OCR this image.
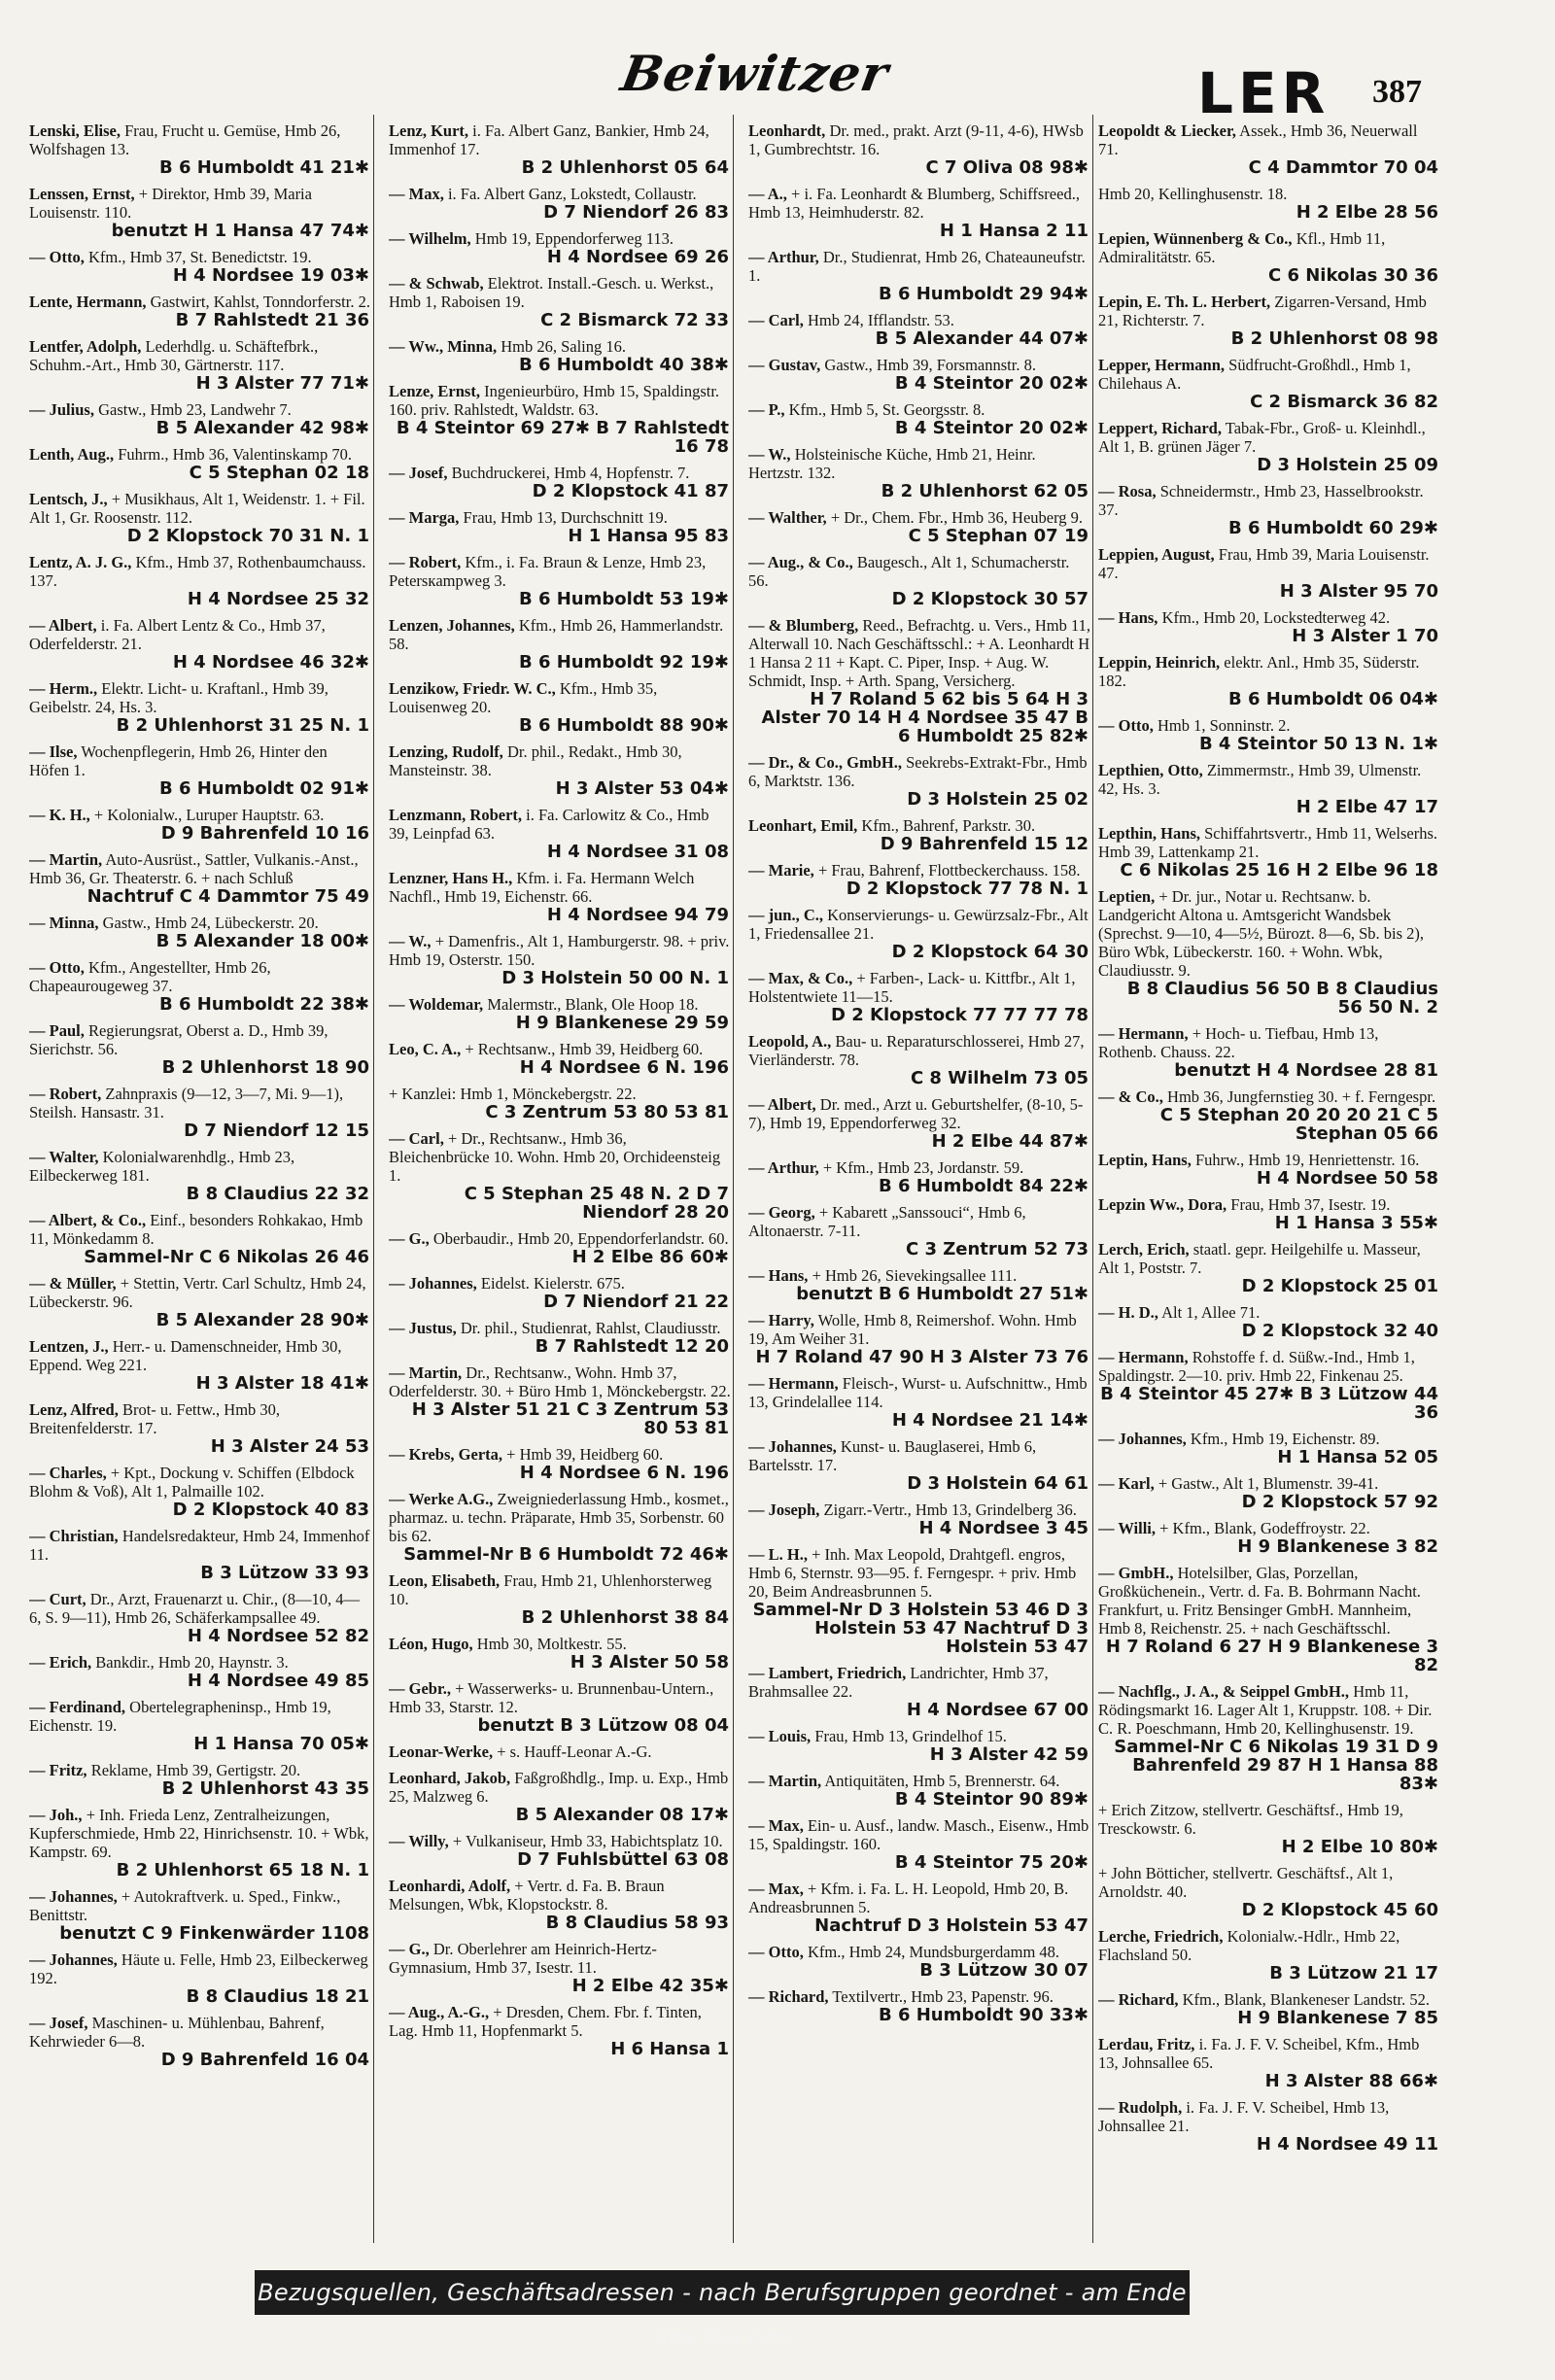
Beiwitzer	LER 387
Lenski, Elise, Frau, Frucht u. Gemüse, Hmb 26, Wolfshagen 13.
B 6 Humboldt 41 21✱
Lenssen, Ernst, + Direktor, Hmb 39, Maria Louisenstr. 110.
benutzt H 1 Hansa 47 74✱
— Otto, Kfm., Hmb 37, St. Benedictstr. 19.
H 4 Nordsee 19 03✱
Lente, Hermann, Gastwirt, Kahlst, Tonndorferstr. 2.
B 7 Rahlstedt 21 36
Lentfer, Adolph, Lederhdlg. u. Schäftefbrk., Schuhm.-Art., Hmb 30, Gärtnerstr. 117.
H 3 Alster 77 71✱
— Julius, Gastw., Hmb 23, Landwehr 7.
B 5 Alexander 42 98✱
Lenth, Aug., Fuhrm., Hmb 36, Valentinskamp 70.
C 5 Stephan 02 18
Lentsch, J., + Musikhaus, Alt 1, Weidenstr. 1. + Fil. Alt 1, Gr. Roosenstr. 112.
D 2 Klopstock 70 31 N. 1
Lentz, A. J. G., Kfm., Hmb 37, Rothenbaumchauss. 137.
H 4 Nordsee 25 32
— Albert, i. Fa. Albert Lentz & Co., Hmb 37, Oderfelderstr. 21.
H 4 Nordsee 46 32✱
— Herm., Elektr. Licht- u. Kraftanl., Hmb 39, Geibelstr. 24, Hs. 3.
B 2 Uhlenhorst 31 25 N. 1
— Ilse, Wochenpflegerin, Hmb 26, Hinter den Höfen 1.
B 6 Humboldt 02 91✱
— K. H., + Kolonialw., Luruper Hauptstr. 63.
D 9 Bahrenfeld 10 16
— Martin, Auto-Ausrüst., Sattler, Vulkanis.-Anst., Hmb 36, Gr. Theaterstr. 6. + nach Schluß
Nachtruf C 4 Dammtor 75 49
— Minna, Gastw., Hmb 24, Lübeckerstr. 20.
B 5 Alexander 18 00✱
— Otto, Kfm., Angestellter, Hmb 26, Chapeaurougeweg 37.
B 6 Humboldt 22 38✱
— Paul, Regierungsrat, Oberst a. D., Hmb 39, Sierichstr. 56.
B 2 Uhlenhorst 18 90
— Robert, Zahnpraxis (9—12, 3—7, Mi. 9—1), Steilsh. Hansastr. 31.
D 7 Niendorf 12 15
— Walter, Kolonialwarenhdlg., Hmb 23, Eilbeckerweg 181.
B 8 Claudius 22 32
— Albert, & Co., Einf., besonders Rohkakao, Hmb 11, Mönkedamm 8.
Sammel-Nr C 6 Nikolas 26 46
— & Müller, + Stettin, Vertr. Carl Schultz, Hmb 24, Lübeckerstr. 96.
B 5 Alexander 28 90✱
Lentzen, J., Herr.- u. Damenschneider, Hmb 30, Eppend. Weg 221.
H 3 Alster 18 41✱
Lenz, Alfred, Brot- u. Fettw., Hmb 30, Breitenfelderstr. 17.
H 3 Alster 24 53
— Charles, + Kpt., Dockung v. Schiffen (Elbdock Blohm & Voß), Alt 1, Palmaille 102.
D 2 Klopstock 40 83
— Christian, Handelsredakteur, Hmb 24, Immenhof 11.
B 3 Lützow 33 93
— Curt, Dr., Arzt, Frauenarzt u. Chir., (8—10, 4—6, S. 9—11), Hmb 26, Schäferkampsallee 49.
H 4 Nordsee 52 82
— Erich, Bankdir., Hmb 20, Haynstr. 3.
H 4 Nordsee 49 85
— Ferdinand, Obertelegrapheninsp., Hmb 19, Eichenstr. 19.
H 1 Hansa 70 05✱
— Fritz, Reklame, Hmb 39, Gertigstr. 20.
B 2 Uhlenhorst 43 35
— Joh., + Inh. Frieda Lenz, Zentralheizungen, Kupferschmiede, Hmb 22, Hinrichsenstr. 10. + Wbk, Kampstr. 69.
B 2 Uhlenhorst 65 18 N. 1
— Johannes, + Autokraftverk. u. Sped., Finkw., Benittstr.
benutzt C 9 Finkenwärder 1108
— Johannes, Häute u. Felle, Hmb 23, Eilbeckerweg 192.
B 8 Claudius 18 21
— Josef, Maschinen- u. Mühlenbau, Bahrenf, Kehrwieder 6—8.
D 9 Bahrenfeld 16 04
Lenz, Kurt, i. Fa. Albert Ganz, Bankier, Hmb 24, Immenhof 17.
B 2 Uhlenhorst 05 64
— Max, i. Fa. Albert Ganz, Lokstedt, Collaustr.
D 7 Niendorf 26 83
— Wilhelm, Hmb 19, Eppendorferweg 113.
H 4 Nordsee 69 26
— & Schwab, Elektrot. Install.-Gesch. u. Werkst., Hmb 1, Raboisen 19.
C 2 Bismarck 72 33
— Ww., Minna, Hmb 26, Saling 16.
B 6 Humboldt 40 38✱
Lenze, Ernst, Ingenieurbüro, Hmb 15, Spaldingstr. 160. priv. Rahlstedt, Waldstr. 63.
B 4 Steintor 69 27✱ B 7 Rahlstedt 16 78
— Josef, Buchdruckerei, Hmb 4, Hopfenstr. 7.
D 2 Klopstock 41 87
— Marga, Frau, Hmb 13, Durchschnitt 19.
H 1 Hansa 95 83
— Robert, Kfm., i. Fa. Braun & Lenze, Hmb 23, Petersкampweg 3.
B 6 Humboldt 53 19✱
Lenzen, Johannes, Kfm., Hmb 26, Hammerlandstr. 58.
B 6 Humboldt 92 19✱
Lenzikow, Friedr. W. C., Kfm., Hmb 35, Louisenweg 20.
B 6 Humboldt 88 90✱
Lenzing, Rudolf, Dr. phil., Redakt., Hmb 30, Mansteinstr. 38.
H 3 Alster 53 04✱
Lenzmann, Robert, i. Fa. Carlowitz & Co., Hmb 39, Leinpfad 63.
H 4 Nordsee 31 08
Lenzner, Hans H., Kfm. i. Fa. Hermann Welch Nachfl., Hmb 19, Eichenstr. 66.
H 4 Nordsee 94 79
— W., + Damenfris., Alt 1, Hamburgerstr. 98. + priv. Hmb 19, Osterstr. 150.
D 3 Holstein 50 00 N. 1
— Woldemar, Malermstr., Blank, Ole Hoop 18.
H 9 Blankenese 29 59
Leo, C. A., + Rechtsanw., Hmb 39, Heidberg 60.
H 4 Nordsee 6 N. 196
+ Kanzlei: Hmb 1, Mönckebergstr. 22.
C 3 Zentrum 53 80 53 81
— Carl, + Dr., Rechtsanw., Hmb 36, Bleichenbrücke 10. Wohn. Hmb 20, Orchideensteig 1.
C 5 Stephan 25 48 N. 2 D 7 Niendorf 28 20
— G., Oberbaudir., Hmb 20, Eppendorferlandstr. 60.
H 2 Elbe 86 60✱
— Johannes, Eidelst. Kielerstr. 675.
D 7 Niendorf 21 22
— Justus, Dr. phil., Studienrat, Rahlst, Claudiusstr.
B 7 Rahlstedt 12 20
— Martin, Dr., Rechtsanw., Wohn. Hmb 37, Oderfelderstr. 30. + Büro Hmb 1, Mönckebergstr. 22.
H 3 Alster 51 21 C 3 Zentrum 53 80 53 81
— Krebs, Gerta, + Hmb 39, Heidberg 60.
H 4 Nordsee 6 N. 196
— Werke A.G., Zweigniederlassung Hmb., kosmet., pharmaz. u. techn. Präparate, Hmb 35, Sorbenstr. 60 bis 62.
Sammel-Nr B 6 Humboldt 72 46✱
Leon, Elisabeth, Frau, Hmb 21, Uhlenhorsterweg 10.
B 2 Uhlenhorst 38 84
Léon, Hugo, Hmb 30, Moltkestr. 55.
H 3 Alster 50 58
— Gebr., + Wasserwerks- u. Brunnenbau-Untern., Hmb 33, Starstr. 12.
benutzt B 3 Lützow 08 04
Leonar-Werke, + s. Hauff-Leonar A.-G.
Leonhard, Jakob, Faßgroßhdlg., Imp. u. Exp., Hmb 25, Malzweg 6.
B 5 Alexander 08 17✱
— Willy, + Vulkaniseur, Hmb 33, Habichtsplatz 10.
D 7 Fuhlsbüttel 63 08
Leonhardi, Adolf, + Vertr. d. Fa. B. Braun Melsungen, Wbk, Klopstockstr. 8.
B 8 Claudius 58 93
— G., Dr. Oberlehrer am Heinrich-Hertz-Gymnasium, Hmb 37, Isestr. 11.
H 2 Elbe 42 35✱
— Aug., A.-G., + Dresden, Chem. Fbr. f. Tinten, Lag. Hmb 11, Hopfenmarkt 5.
H 6 Hansa 1
Leonhardt, Dr. med., prakt. Arzt (9-11, 4-6), HWsb 1, Gumbrechtstr. 16.
C 7 Oliva 08 98✱
— A., + i. Fa. Leonhardt & Blumberg, Schiffsreed., Hmb 13, Heimhuderstr. 82.
H 1 Hansa 2 11
— Arthur, Dr., Studienrat, Hmb 26, Chateauneufstr. 1.
B 6 Humboldt 29 94✱
— Carl, Hmb 24, Ifflandstr. 53.
B 5 Alexander 44 07✱
— Gustav, Gastw., Hmb 39, Forsmannstr. 8.
B 4 Steintor 20 02✱
— P., Kfm., Hmb 5, St. Georgsstr. 8.
B 4 Steintor 20 02✱
— W., Holsteinische Küche, Hmb 21, Heinr. Hertzstr. 132.
B 2 Uhlenhorst 62 05
— Walther, + Dr., Chem. Fbr., Hmb 36, Heuberg 9.
C 5 Stephan 07 19
— Aug., & Co., Baugesch., Alt 1, Schumacherstr. 56.
D 2 Klopstock 30 57
— & Blumberg, Reed., Befrachtg. u. Vers., Hmb 11, Alterwall 10. Nach Geschäftsschl.: + A. Leonhardt H 1 Hansa 2 11 + Kapt. C. Piper, Insp. + Aug. W. Schmidt, Insp. + Arth. Spang, Versicherg.
H 7 Roland 5 62 bis 5 64 H 3 Alster 70 14 H 4 Nordsee 35 47 B 6 Humboldt 25 82✱
— Dr., & Co., GmbH., Seekrebs-Extrakt-Fbr., Hmb 6, Marktstr. 136.
D 3 Holstein 25 02
Leonhart, Emil, Kfm., Bahrenf, Parkstr. 30.
D 9 Bahrenfeld 15 12
— Marie, + Frau, Bahrenf, Flottbeckerchauss. 158.
D 2 Klopstock 77 78 N. 1
— jun., C., Konservierungs- u. Gewürzsalz-Fbr., Alt 1, Friedensallee 21.
D 2 Klopstock 64 30
— Max, & Co., + Farben-, Lack- u. Kittfbr., Alt 1, Holstentwiete 11—15.
D 2 Klopstock 77 77 77 78
Leopold, A., Bau- u. Reparaturschlosserei, Hmb 27, Vierländerstr. 78.
C 8 Wilhelm 73 05
— Albert, Dr. med., Arzt u. Geburtshelfer, (8-10, 5-7), Hmb 19, Eppendorferweg 32.
H 2 Elbe 44 87✱
— Arthur, + Kfm., Hmb 23, Jordanstr. 59.
B 6 Humboldt 84 22✱
— Georg, + Kabarett „Sanssouci“, Hmb 6, Altonaerstr. 7-11.
C 3 Zentrum 52 73
— Hans, + Hmb 26, Sievekingsallee 111.
benutzt B 6 Humboldt 27 51✱
— Harry, Wolle, Hmb 8, Reimershof. Wohn. Hmb 19, Am Weiher 31.
H 7 Roland 47 90 H 3 Alster 73 76
— Hermann, Fleisch-, Wurst- u. Aufschnittw., Hmb 13, Grindelallee 114.
H 4 Nordsee 21 14✱
— Johannes, Kunst- u. Bauglaserei, Hmb 6, Bartelsstr. 17.
D 3 Holstein 64 61
— Joseph, Zigarr.-Vertr., Hmb 13, Grindelberg 36.
H 4 Nordsee 3 45
— L. H., + Inh. Max Leopold, Drahtgefl. engros, Hmb 6, Sternstr. 93—95. f. Ferngespr. + priv. Hmb 20, Beim Andreasbrunnen 5.
Sammel-Nr D 3 Holstein 53 46 D 3 Holstein 53 47 Nachtruf D 3 Holstein 53 47
— Lambert, Friedrich, Landrichter, Hmb 37, Brahmsallee 22.
H 4 Nordsee 67 00
— Louis, Frau, Hmb 13, Grindelhof 15.
H 3 Alster 42 59
— Martin, Antiquitäten, Hmb 5, Brennerstr. 64.
B 4 Steintor 90 89✱
— Max, Ein- u. Ausf., landw. Masch., Eisenw., Hmb 15, Spaldingstr. 160.
B 4 Steintor 75 20✱
— Max, + Kfm. i. Fa. L. H. Leopold, Hmb 20, B. Andreasbrunnen 5.
Nachtruf D 3 Holstein 53 47
— Otto, Kfm., Hmb 24, Mundsburgerdamm 48.
B 3 Lützow 30 07
— Richard, Textilvertr., Hmb 23, Papenstr. 96.
B 6 Humboldt 90 33✱
Leopoldt & Liecker, Assek., Hmb 36, Neuerwall 71.
C 4 Dammtor 70 04
Hmb 20, Kellinghusenstr. 18.
H 2 Elbe 28 56
Lepien, Wünnenberg & Co., Kfl., Hmb 11, Admiralitätstr. 65.
C 6 Nikolas 30 36
Lepin, E. Th. L. Herbert, Zigarren-Versand, Hmb 21, Richterstr. 7.
B 2 Uhlenhorst 08 98
Lepper, Hermann, Südfrucht-Großhdl., Hmb 1, Chilehaus A.
C 2 Bismarck 36 82
Leppert, Richard, Tabak-Fbr., Groß- u. Kleinhdl., Alt 1, B. grünen Jäger 7.
D 3 Holstein 25 09
— Rosa, Schneidermstr., Hmb 23, Hasselbrookstr. 37.
B 6 Humboldt 60 29✱
Leppien, August, Frau, Hmb 39, Maria Louisenstr. 47.
H 3 Alster 95 70
— Hans, Kfm., Hmb 20, Lockstedterweg 42.
H 3 Alster 1 70
Leppin, Heinrich, elektr. Anl., Hmb 35, Süderstr. 182.
B 6 Humboldt 06 04✱
— Otto, Hmb 1, Sonninstr. 2.
B 4 Steintor 50 13 N. 1✱
Lepthien, Otto, Zimmermstr., Hmb 39, Ulmenstr. 42, Hs. 3.
H 2 Elbe 47 17
Lepthin, Hans, Schiffahrtsvertr., Hmb 11, Welserhs. Hmb 39, Lattenkamp 21.
C 6 Nikolas 25 16 H 2 Elbe 96 18
Leptien, + Dr. jur., Notar u. Rechtsanw. b. Landgericht Altona u. Amtsgericht Wandsbek (Sprechst. 9—10, 4—5½, Bürozt. 8—6, Sb. bis 2), Büro Wbk, Lübeckerstr. 160. + Wohn. Wbk, Claudiusstr. 9.
B 8 Claudius 56 50 B 8 Claudius 56 50 N. 2
— Hermann, + Hoch- u. Tiefbau, Hmb 13, Rothenb. Chauss. 22.
benutzt H 4 Nordsee 28 81
— & Co., Hmb 36, Jungfernstieg 30. + f. Ferngespr.
C 5 Stephan 20 20 20 21 C 5 Stephan 05 66
Leptin, Hans, Fuhrw., Hmb 19, Henriettenstr. 16.
H 4 Nordsee 50 58
Lepzin Ww., Dora, Frau, Hmb 37, Isestr. 19.
H 1 Hansa 3 55✱
Lerch, Erich, staatl. gepr. Heilgehilfe u. Masseur, Alt 1, Poststr. 7.
D 2 Klopstock 25 01
— H. D., Alt 1, Allee 71.
D 2 Klopstock 32 40
— Hermann, Rohstoffe f. d. Süßw.-Ind., Hmb 1, Spaldingstr. 2—10. priv. Hmb 22, Finkenau 25.
B 4 Steintor 45 27✱ B 3 Lützow 44 36
— Johannes, Kfm., Hmb 19, Eichenstr. 89.
H 1 Hansa 52 05
— Karl, + Gastw., Alt 1, Blumenstr. 39-41.
D 2 Klopstock 57 92
— Willi, + Kfm., Blank, Godeffroystr. 22.
H 9 Blankenese 3 82
— GmbH., Hotelsilber, Glas, Porzellan, Großküchenein., Vertr. d. Fa. B. Bohrmann Nacht. Frankfurt, u. Fritz Bensinger GmbH. Mannheim, Hmb 8, Reichenstr. 25. + nach Geschäftsschl.
H 7 Roland 6 27 H 9 Blankenese 3 82
— Nachflg., J. A., & Seippel GmbH., Hmb 11, Rödingsmarkt 16. Lager Alt 1, Kruppstr. 108. + Dir. C. R. Poeschmann, Hmb 20, Kellinghusenstr. 19.
Sammel-Nr C 6 Nikolas 19 31 D 9 Bahrenfeld 29 87 H 1 Hansa 88 83✱
+ Erich Zitzow, stellvertr. Geschäftsf., Hmb 19, Tresckowstr. 6.
H 2 Elbe 10 80✱
+ John Bötticher, stellvertr. Geschäftsf., Alt 1, Arnoldstr. 40.
D 2 Klopstock 45 60
Lerche, Friedrich, Kolonialw.-Hdlr., Hmb 22, Flachsland 50.
B 3 Lützow 21 17
— Richard, Kfm., Blank, Blankeneser Landstr. 52.
H 9 Blankenese 7 85
Lerdau, Fritz, i. Fa. J. F. V. Scheibel, Kfm., Hmb 13, Johnsallee 65.
H 3 Alster 88 66✱
— Rudolph, i. Fa. J. F. V. Scheibel, Hmb 13, Johnsallee 21.
H 4 Nordsee 49 11
Bezugsquellen, Geschäftsadressen - nach Berufsgruppen geordnet - am Ende des Buches
